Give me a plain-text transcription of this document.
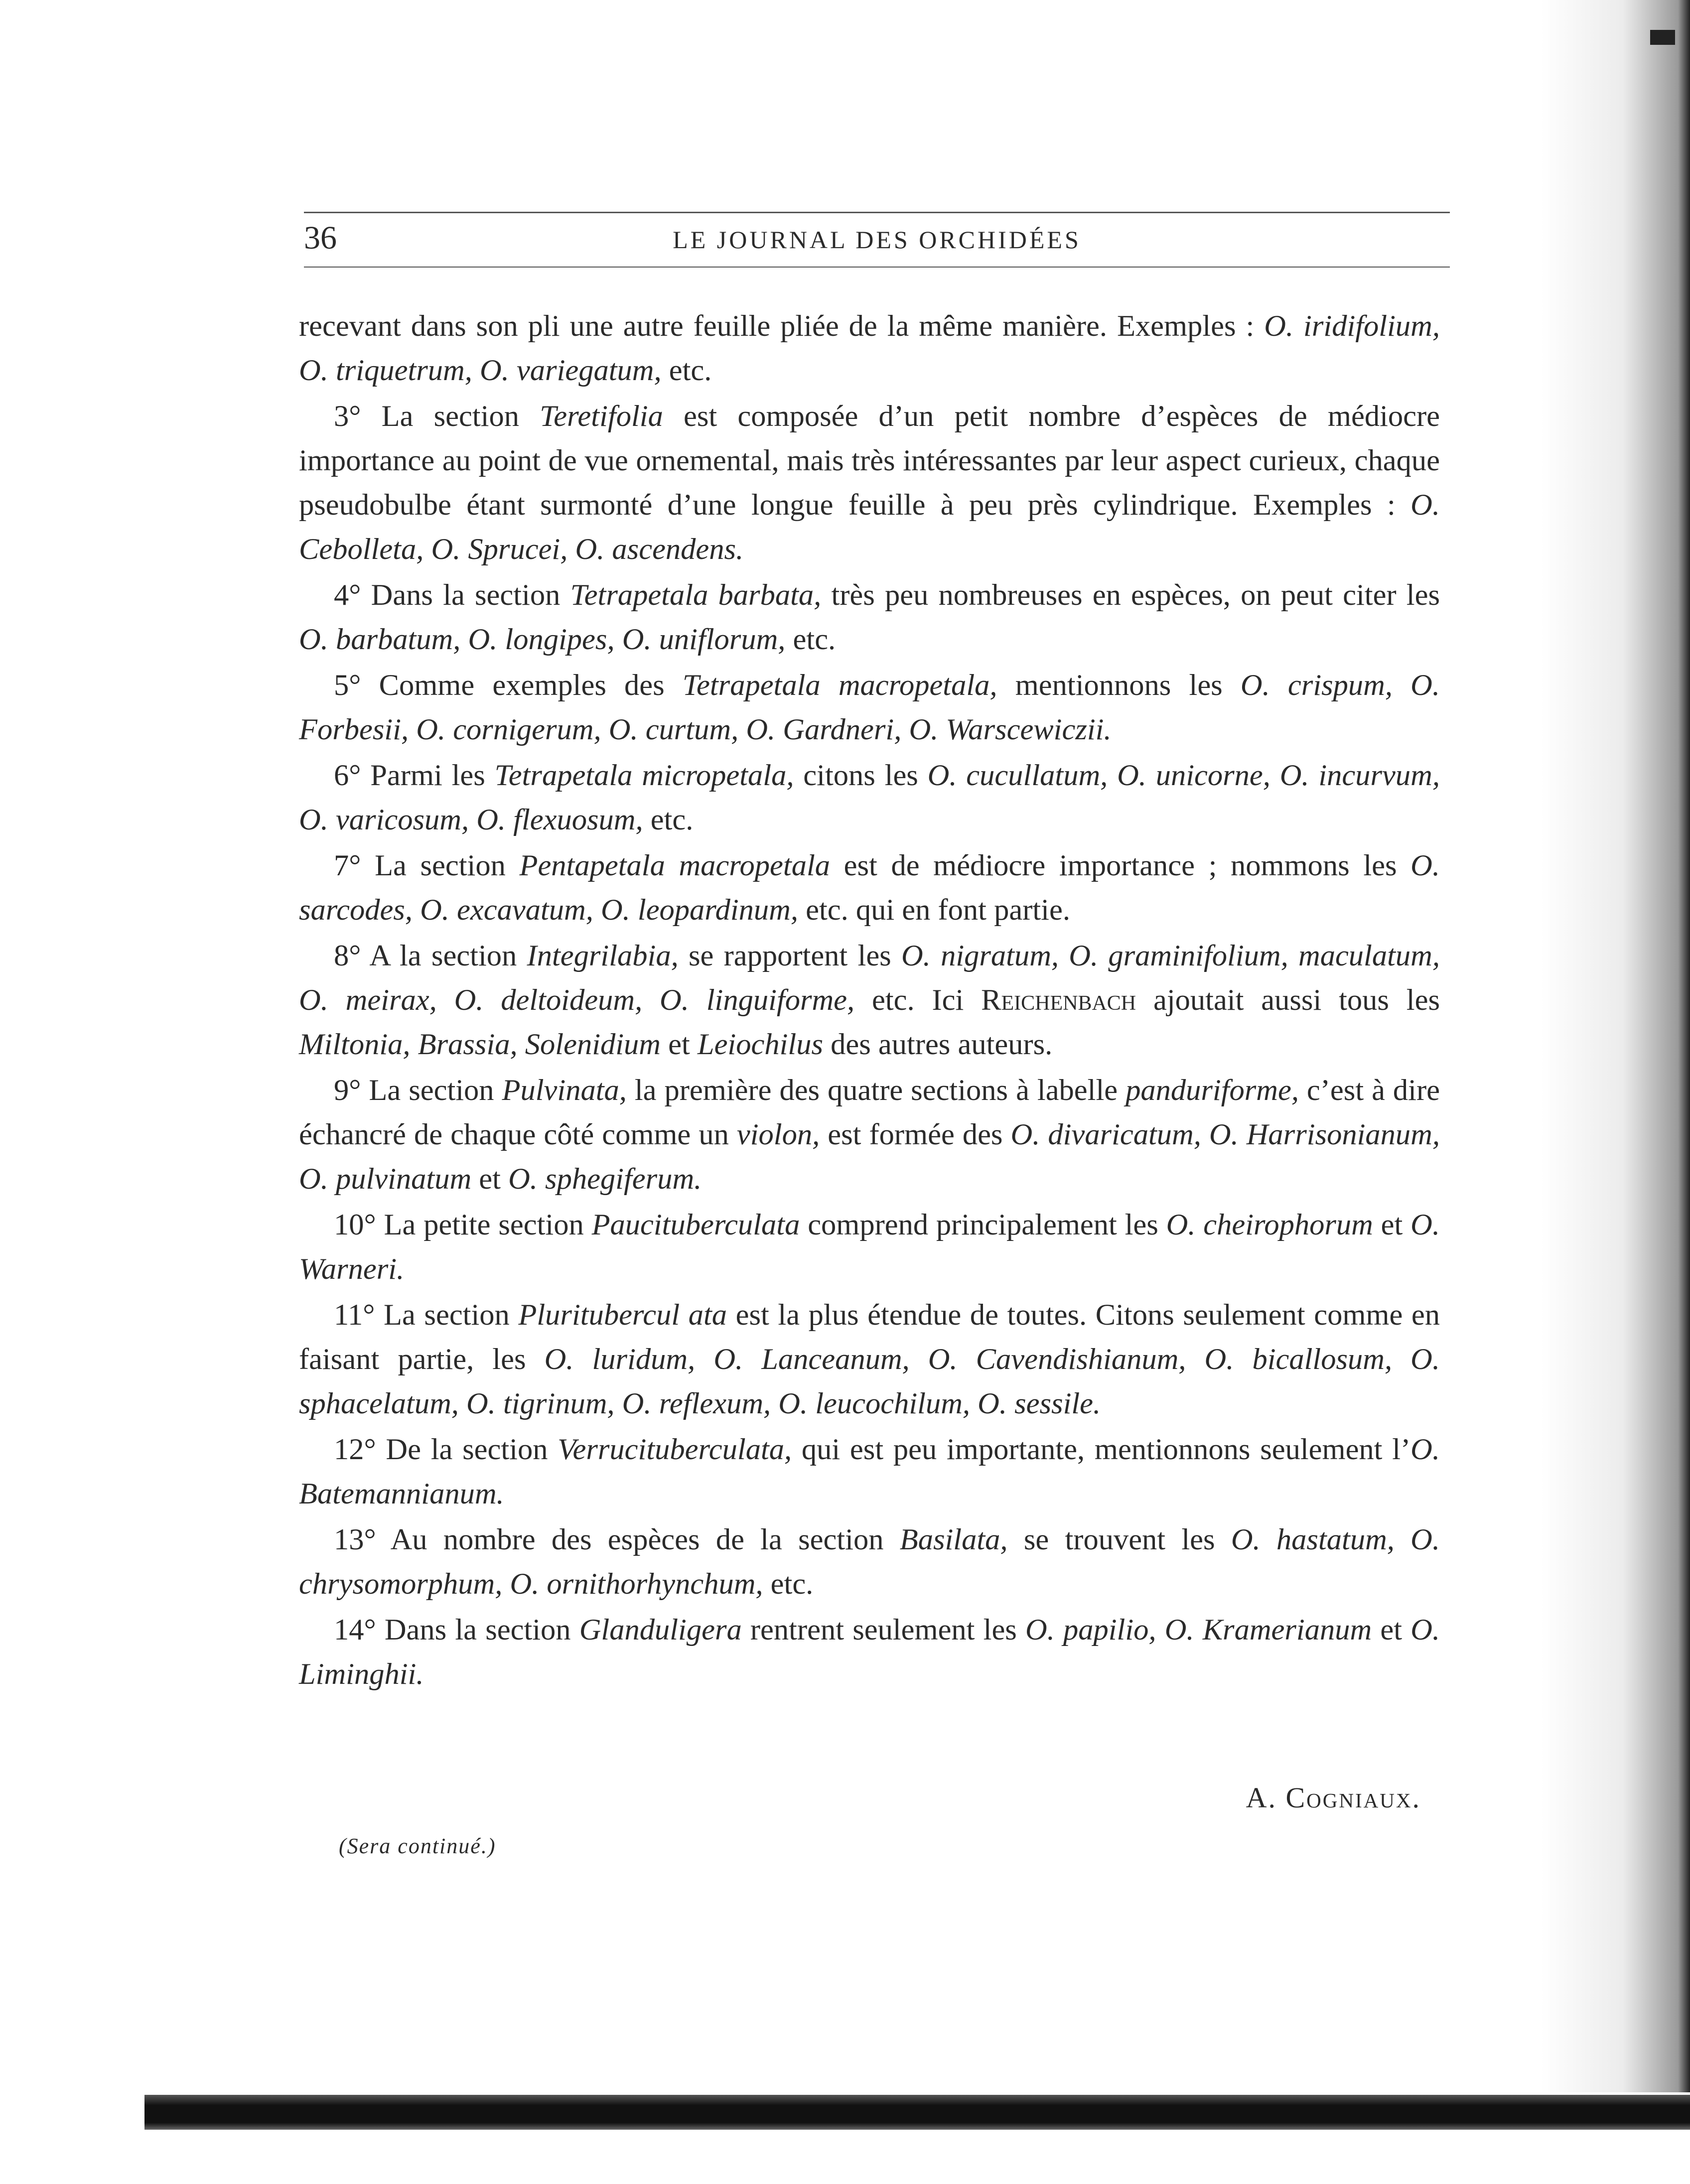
36	LE JOURNAL DES ORCHIDÉES

recevant dans son pli une autre feuille pliée de la même manière. Exemples : O. iridifolium, O. triquetrum, O. variegatum, etc.

3° La section Teretifolia est composée d’un petit nombre d’espèces de médiocre importance au point de vue ornemental, mais très intéressantes par leur aspect curieux, chaque pseudobulbe étant surmonté d’une longue feuille à peu près cylindrique. Exemples : O. Cebolleta, O. Sprucei, O. ascendens.

4° Dans la section Tetrapetala barbata, très peu nombreuses en espèces, on peut citer les O. barbatum, O. longipes, O. uniflorum, etc.

5° Comme exemples des Tetrapetala macropetala, mentionnons les O. crispum, O. Forbesii, O. cornigerum, O. curtum, O. Gardneri, O. Warscewiczii.

6° Parmi les Tetrapetala micropetala, citons les O. cucullatum, O. unicorne, O. incurvum, O. varicosum, O. flexuosum, etc.

7° La section Pentapetala macropetala est de médiocre importance ; nommons les O. sarcodes, O. excavatum, O. leopardinum, etc. qui en font partie.

8° A la section Integrilabia, se rapportent les O. nigratum, O. graminifolium, maculatum, O. meirax, O. deltoideum, O. linguiforme, etc. Ici Reichenbach ajoutait aussi tous les Miltonia, Brassia, Solenidium et Leiochilus des autres auteurs.

9° La section Pulvinata, la première des quatre sections à labelle panduriforme, c’est à dire échancré de chaque côté comme un violon, est formée des O. divaricatum, O. Harrisonianum, O. pulvinatum et O. sphegiferum.

10° La petite section Paucituberculata comprend principalement les O. cheirophorum et O. Warneri.

11° La section Pluritubercul ata est la plus étendue de toutes. Citons seulement comme en faisant partie, les O. luridum, O. Lanceanum, O. Cavendishianum, O. bicallosum, O. sphacelatum, O. tigrinum, O. reflexum, O. leucochilum, O. sessile.

12° De la section Verrucituberculata, qui est peu importante, mentionnons seulement l’O. Batemannianum.

13° Au nombre des espèces de la section Basilata, se trouvent les O. hastatum, O. chrysomorphum, O. ornithorhynchum, etc.

14° Dans la section Glanduligera rentrent seulement les O. papilio, O. Kramerianum et O. Liminghii.

A. Cogniaux.
(Sera continué.)
